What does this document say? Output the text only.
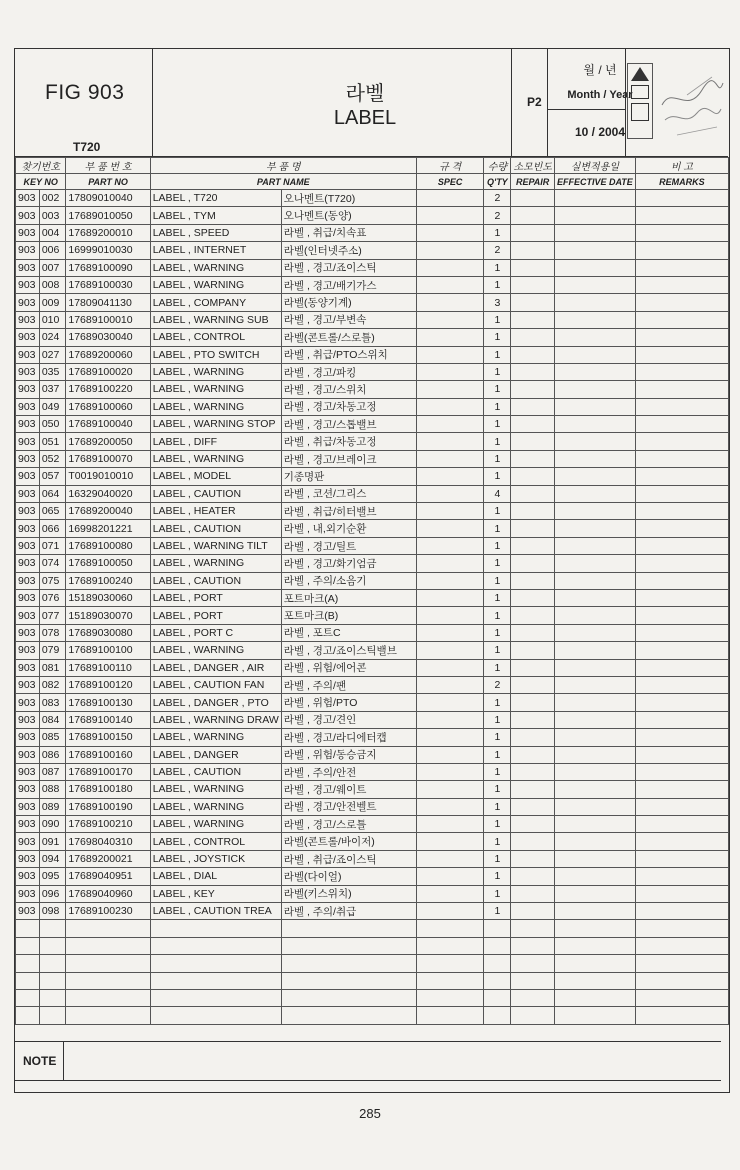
FIG 903
T720
라벨
LABEL
P2
월 / 년
Month / Year
10 / 2004
찾기번호		부 품 번 호	부 품 명		규 격	수량	소모빈도	실변적용일	비 고
KEY NO		PART NO	PART NAME		SPEC	Q'TY	REPAIR	EFFECTIVE DATE	REMARKS
903	002	17809010040	LABEL , T720	오나멘트(T720)		2			
903	003	17689010050	LABEL , TYM	오나멘트(동양)		2			
903	004	17689200010	LABEL , SPEED	라벨 , 취급/치속표		1			
903	006	16999010030	LABEL , INTERNET	라벨(인터넷주소)		2			
903	007	17689100090	LABEL , WARNING	라벨 , 경고/죠이스틱		1			
903	008	17689100030	LABEL , WARNING	라벨 , 경고/배기가스		1			
903	009	17809041130	LABEL , COMPANY	라벨(동양기계)		3			
903	010	17689100010	LABEL , WARNING SUB	라벨 , 경고/부변속		1			
903	024	17689030040	LABEL , CONTROL	라벨(콘트롤/스로틀)		1			
903	027	17689200060	LABEL , PTO SWITCH	라벨 , 취급/PTO스위치		1			
903	035	17689100020	LABEL , WARNING	라벨 , 경고/파킹		1			
903	037	17689100220	LABEL , WARNING	라벨 , 경고/스위치		1			
903	049	17689100060	LABEL , WARNING	라벨 , 경고/차동고정		1			
903	050	17689100040	LABEL , WARNING STOP	라벨 , 경고/스톱밸브		1			
903	051	17689200050	LABEL , DIFF	라벨 , 취급/차동고정		1			
903	052	17689100070	LABEL , WARNING	라벨 , 경고/브레이크		1			
903	057	T0019010010	LABEL , MODEL	기종명판		1			
903	064	16329040020	LABEL , CAUTION	라벨 , 코션/그리스		4			
903	065	17689200040	LABEL , HEATER	라벨 , 취급/히터밸브		1			
903	066	16998201221	LABEL , CAUTION	라벨 , 내,외기순환		1			
903	071	17689100080	LABEL , WARNING TILT	라벨 , 경고/틸트		1			
903	074	17689100050	LABEL , WARNING	라벨 , 경고/화기엄금		1			
903	075	17689100240	LABEL , CAUTION	라벨 , 주의/소음기		1			
903	076	15189030060	LABEL , PORT	포트마크(A)		1			
903	077	15189030070	LABEL , PORT	포트마크(B)		1			
903	078	17689030080	LABEL , PORT C	라벨 , 포트C		1			
903	079	17689100100	LABEL , WARNING	라벨 , 경고/죠이스틱밸브		1			
903	081	17689100110	LABEL , DANGER , AIR	라벨 , 위험/에어콘		1			
903	082	17689100120	LABEL , CAUTION FAN	라벨 , 주의/팬		2			
903	083	17689100130	LABEL , DANGER , PTO	라벨 , 위험/PTO		1			
903	084	17689100140	LABEL , WARNING DRAW	라벨 , 경고/견인		1			
903	085	17689100150	LABEL , WARNING	라벨 , 경고/라디에터캡		1			
903	086	17689100160	LABEL , DANGER	라벨 , 위험/동승금지		1			
903	087	17689100170	LABEL , CAUTION	라벨 , 주의/안전		1			
903	088	17689100180	LABEL , WARNING	라벨 , 경고/웨이트		1			
903	089	17689100190	LABEL , WARNING	라벨 , 경고/안전벨트		1			
903	090	17689100210	LABEL , WARNING	라벨 , 경고/스로틀		1			
903	091	17698040310	LABEL , CONTROL	라벨(콘트롤/바이저)		1			
903	094	17689200021	LABEL , JOYSTICK	라벨 , 취급/죠이스틱		1			
903	095	17689040951	LABEL , DIAL	라벨(다이얼)		1			
903	096	17689040960	LABEL , KEY	라벨(키스위치)		1			
903	098	17689100230	LABEL , CAUTION TREA	라벨 , 주의/취급		1			

NOTE
285
